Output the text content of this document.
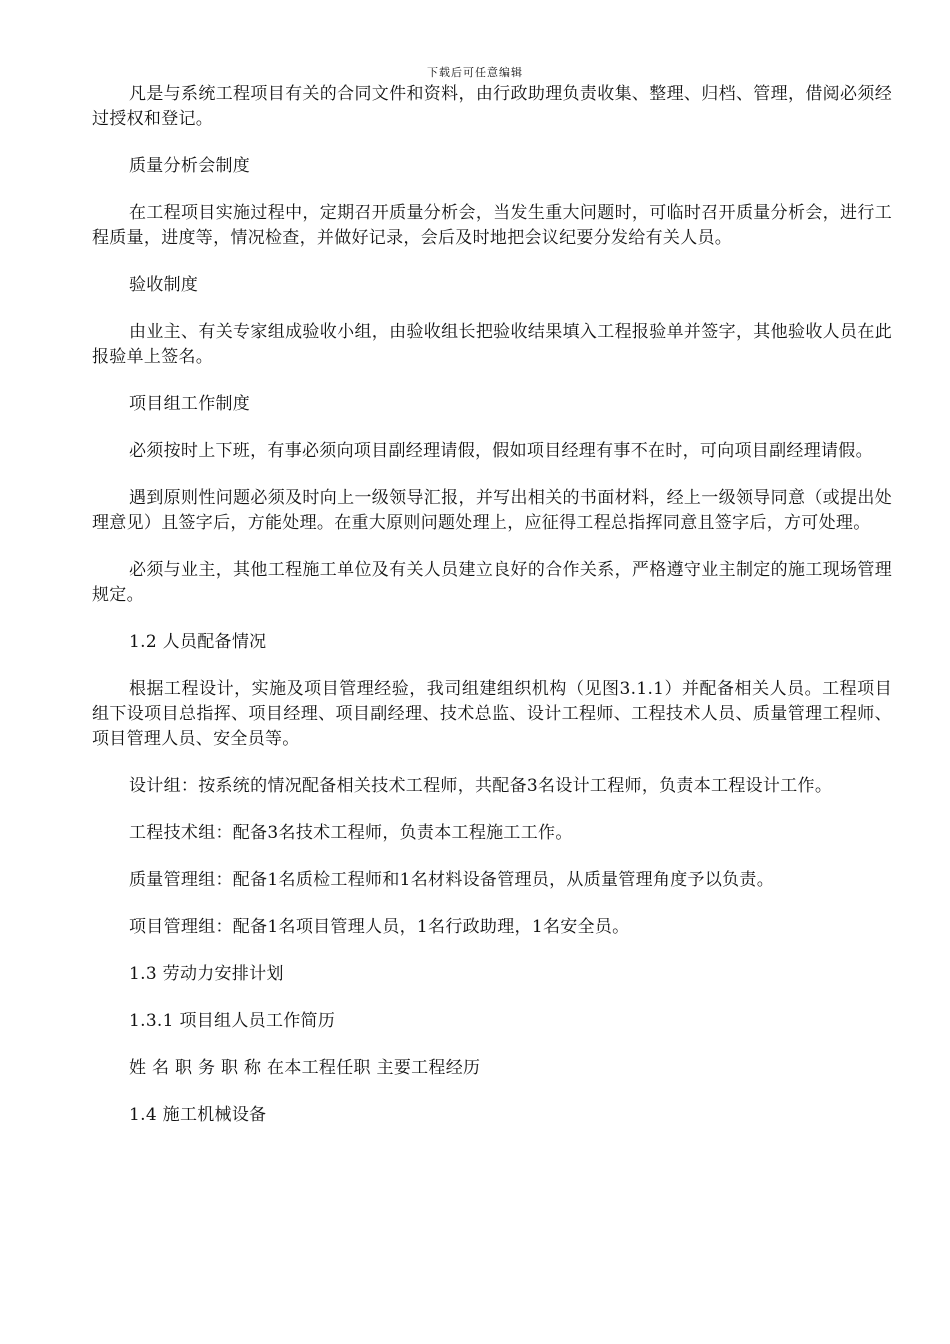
下载后可任意编辑

凡是与系统工程项目有关的合同文件和资料，由行政助理负责收集、整理、归档、管理，借阅必须经过授权和登记。

质量分析会制度

在工程项目实施过程中，定期召开质量分析会，当发生重大问题时，可临时召开质量分析会，进行工程质量，进度等，情况检查，并做好记录，会后及时地把会议纪要分发给有关人员。

验收制度

由业主、有关专家组成验收小组，由验收组长把验收结果填入工程报验单并签字，其他验收人员在此报验单上签名。

项目组工作制度

必须按时上下班，有事必须向项目副经理请假，假如项目经理有事不在时，可向项目副经理请假。

遇到原则性问题必须及时向上一级领导汇报，并写出相关的书面材料，经上一级领导同意（或提出处理意见）且签字后，方能处理。在重大原则问题处理上，应征得工程总指挥同意且签字后，方可处理。

必须与业主，其他工程施工单位及有关人员建立良好的合作关系，严格遵守业主制定的施工现场管理规定。

1.2 人员配备情况

根据工程设计，实施及项目管理经验，我司组建组织机构（见图3.1.1）并配备相关人员。工程项目组下设项目总指挥、项目经理、项目副经理、技术总监、设计工程师、工程技术人员、质量管理工程师、项目管理人员、安全员等。

设计组：按系统的情况配备相关技术工程师，共配备3名设计工程师，负责本工程设计工作。

工程技术组：配备3名技术工程师，负责本工程施工工作。

质量管理组：配备1名质检工程师和1名材料设备管理员，从质量管理角度予以负责。

项目管理组：配备1名项目管理人员，1名行政助理，1名安全员。

1.3 劳动力安排计划

1.3.1 项目组人员工作简历

姓 名 职 务 职 称 在本工程任职 主要工程经历

1.4 施工机械设备
